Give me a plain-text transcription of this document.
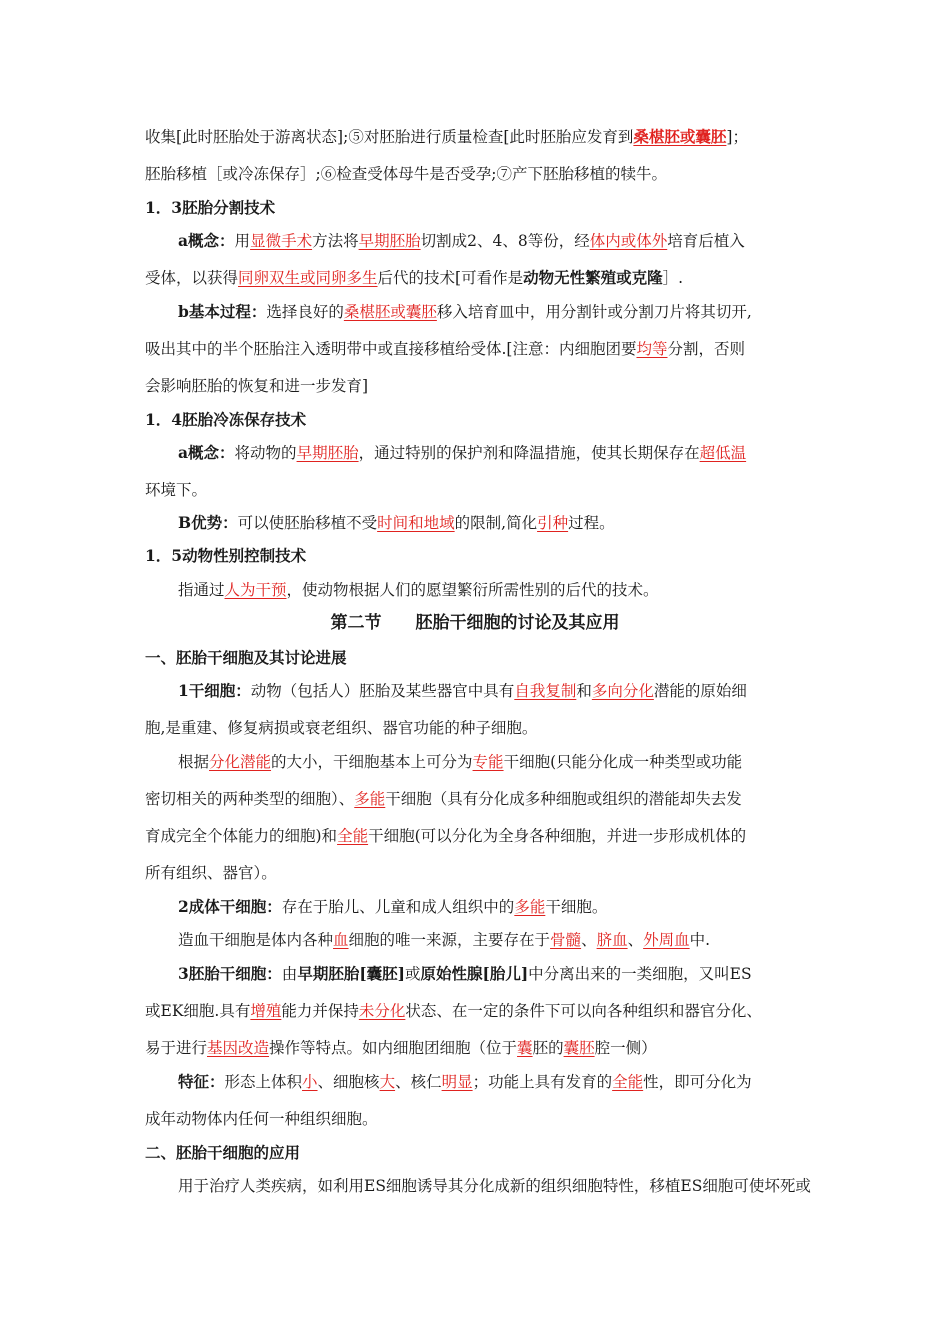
收集[此时胚胎处于游离状态];⑤对胚胎进行质量检查[此时胚胎应发育到桑椹胚或囊胚]；
胚胎移植［或冷冻保存］;⑥检查受体母牛是否受孕;⑦产下胚胎移植的犊牛。
1．3胚胎分割技术
a概念：用显微手术方法将早期胚胎切割成2、4、8等份，经体内或体外培育后植入
受体，以获得同卵双生或同卵多生后代的技术[可看作是动物无性繁殖或克隆］.
b基本过程：选择良好的桑椹胚或囊胚移入培育皿中，用分割针或分割刀片将其切开,
吸出其中的半个胚胎注入透明带中或直接移植给受体.[注意：内细胞团要均等分割，否则
会影响胚胎的恢复和进一步发育]
1．4胚胎冷冻保存技术
a概念：将动物的早期胚胎，通过特别的保护剂和降温措施，使其长期保存在超低温
环境下。
B优势：可以使胚胎移植不受时间和地域的限制,简化引种过程。
1．5动物性别控制技术
指通过人为干预，使动物根据人们的愿望繁衍所需性别的后代的技术。
第二节　　胚胎干细胞的讨论及其应用
一、胚胎干细胞及其讨论进展
1干细胞：动物（包括人）胚胎及某些器官中具有自我复制和多向分化潜能的原始细
胞,是重建、修复病损或衰老组织、器官功能的种子细胞。
根据分化潜能的大小，干细胞基本上可分为专能干细胞(只能分化成一种类型或功能
密切相关的两种类型的细胞）、多能干细胞（具有分化成多种细胞或组织的潜能却失去发
育成完全个体能力的细胞)和全能干细胞(可以分化为全身各种细胞，并进一步形成机体的
所有组织、器官）。
2成体干细胞：存在于胎儿、儿童和成人组织中的多能干细胞。
造血干细胞是体内各种血细胞的唯一来源，主要存在于骨髓、脐血、外周血中.
3胚胎干细胞：由早期胚胎[囊胚]或原始性腺[胎儿]中分离出来的一类细胞，又叫ES
或EK细胞.具有增殖能力并保持未分化状态、在一定的条件下可以向各种组织和器官分化、
易于进行基因改造操作等特点。如内细胞团细胞（位于囊胚的囊胚腔一侧）
特征：形态上体积小、细胞核大、核仁明显；功能上具有发育的全能性，即可分化为
成年动物体内任何一种组织细胞。
二、胚胎干细胞的应用
用于治疗人类疾病，如利用ES细胞诱导其分化成新的组织细胞特性，移植ES细胞可使坏死或
